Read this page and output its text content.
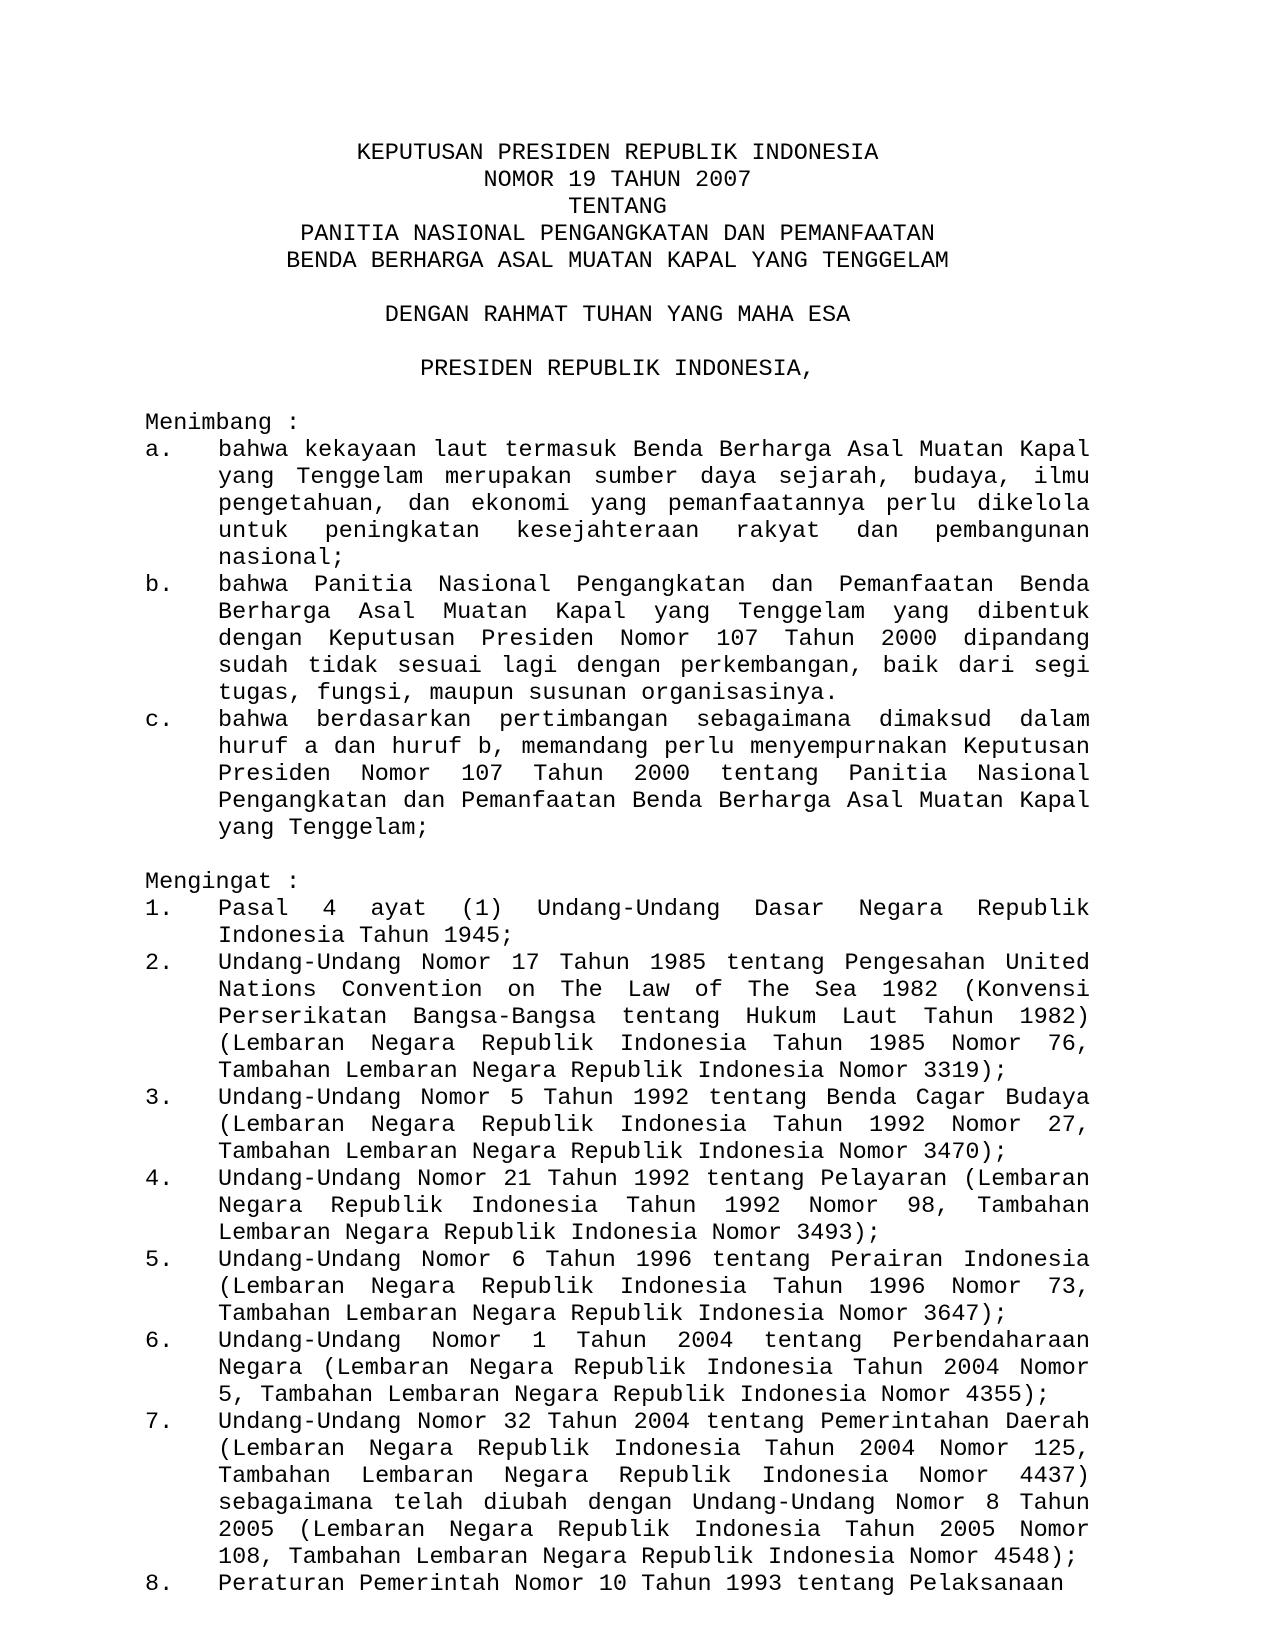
KEPUTUSAN PRESIDEN REPUBLIK INDONESIA
NOMOR 19 TAHUN 2007
TENTANG
PANITIA NASIONAL PENGANGKATAN DAN PEMANFAATAN
BENDA BERHARGA ASAL MUATAN KAPAL YANG TENGGELAM
DENGAN RAHMAT TUHAN YANG MAHA ESA
PRESIDEN REPUBLIK INDONESIA,
Menimbang :
a.	bahwa kekayaan laut termasuk Benda Berharga Asal Muatan Kapal yang Tenggelam merupakan sumber daya sejarah, budaya, ilmu pengetahuan, dan ekonomi yang pemanfaatannya perlu dikelola untuk peningkatan kesejahteraan rakyat dan pembangunan nasional;
b.	bahwa Panitia Nasional Pengangkatan dan Pemanfaatan Benda Berharga Asal Muatan Kapal yang Tenggelam yang dibentuk dengan Keputusan Presiden Nomor 107 Tahun 2000 dipandang sudah tidak sesuai lagi dengan perkembangan, baik dari segi tugas, fungsi, maupun susunan organisasinya.
c.	bahwa berdasarkan pertimbangan sebagaimana dimaksud dalam huruf a dan huruf b, memandang perlu menyempurnakan Keputusan Presiden Nomor 107 Tahun 2000 tentang Panitia Nasional Pengangkatan dan Pemanfaatan Benda Berharga Asal Muatan Kapal yang Tenggelam;
Mengingat :
1.	Pasal 4 ayat (1) Undang-Undang Dasar Negara Republik Indonesia Tahun 1945;
2.	Undang-Undang Nomor 17 Tahun 1985 tentang Pengesahan United Nations Convention on The Law of The Sea 1982 (Konvensi Perserikatan Bangsa-Bangsa tentang Hukum Laut Tahun 1982) (Lembaran Negara Republik Indonesia Tahun 1985 Nomor 76, Tambahan Lembaran Negara Republik Indonesia Nomor 3319);
3.	Undang-Undang Nomor 5 Tahun 1992 tentang Benda Cagar Budaya (Lembaran Negara Republik Indonesia Tahun 1992 Nomor 27, Tambahan Lembaran Negara Republik Indonesia Nomor 3470);
4.	Undang-Undang Nomor 21 Tahun 1992 tentang Pelayaran (Lembaran Negara Republik Indonesia Tahun 1992 Nomor 98, Tambahan Lembaran Negara Republik Indonesia Nomor 3493);
5.	Undang-Undang Nomor 6 Tahun 1996 tentang Perairan Indonesia (Lembaran Negara Republik Indonesia Tahun 1996 Nomor 73, Tambahan Lembaran Negara Republik Indonesia Nomor 3647);
6.	Undang-Undang Nomor 1 Tahun 2004 tentang Perbendaharaan Negara (Lembaran Negara Republik Indonesia Tahun 2004 Nomor 5, Tambahan Lembaran Negara Republik Indonesia Nomor 4355);
7.	Undang-Undang Nomor 32 Tahun 2004 tentang Pemerintahan Daerah (Lembaran Negara Republik Indonesia Tahun 2004 Nomor 125, Tambahan Lembaran Negara Republik Indonesia Nomor 4437) sebagaimana telah diubah dengan Undang-Undang Nomor 8 Tahun 2005 (Lembaran Negara Republik Indonesia Tahun 2005 Nomor 108, Tambahan Lembaran Negara Republik Indonesia Nomor 4548);
8.	Peraturan Pemerintah Nomor 10 Tahun 1993 tentang Pelaksanaan
